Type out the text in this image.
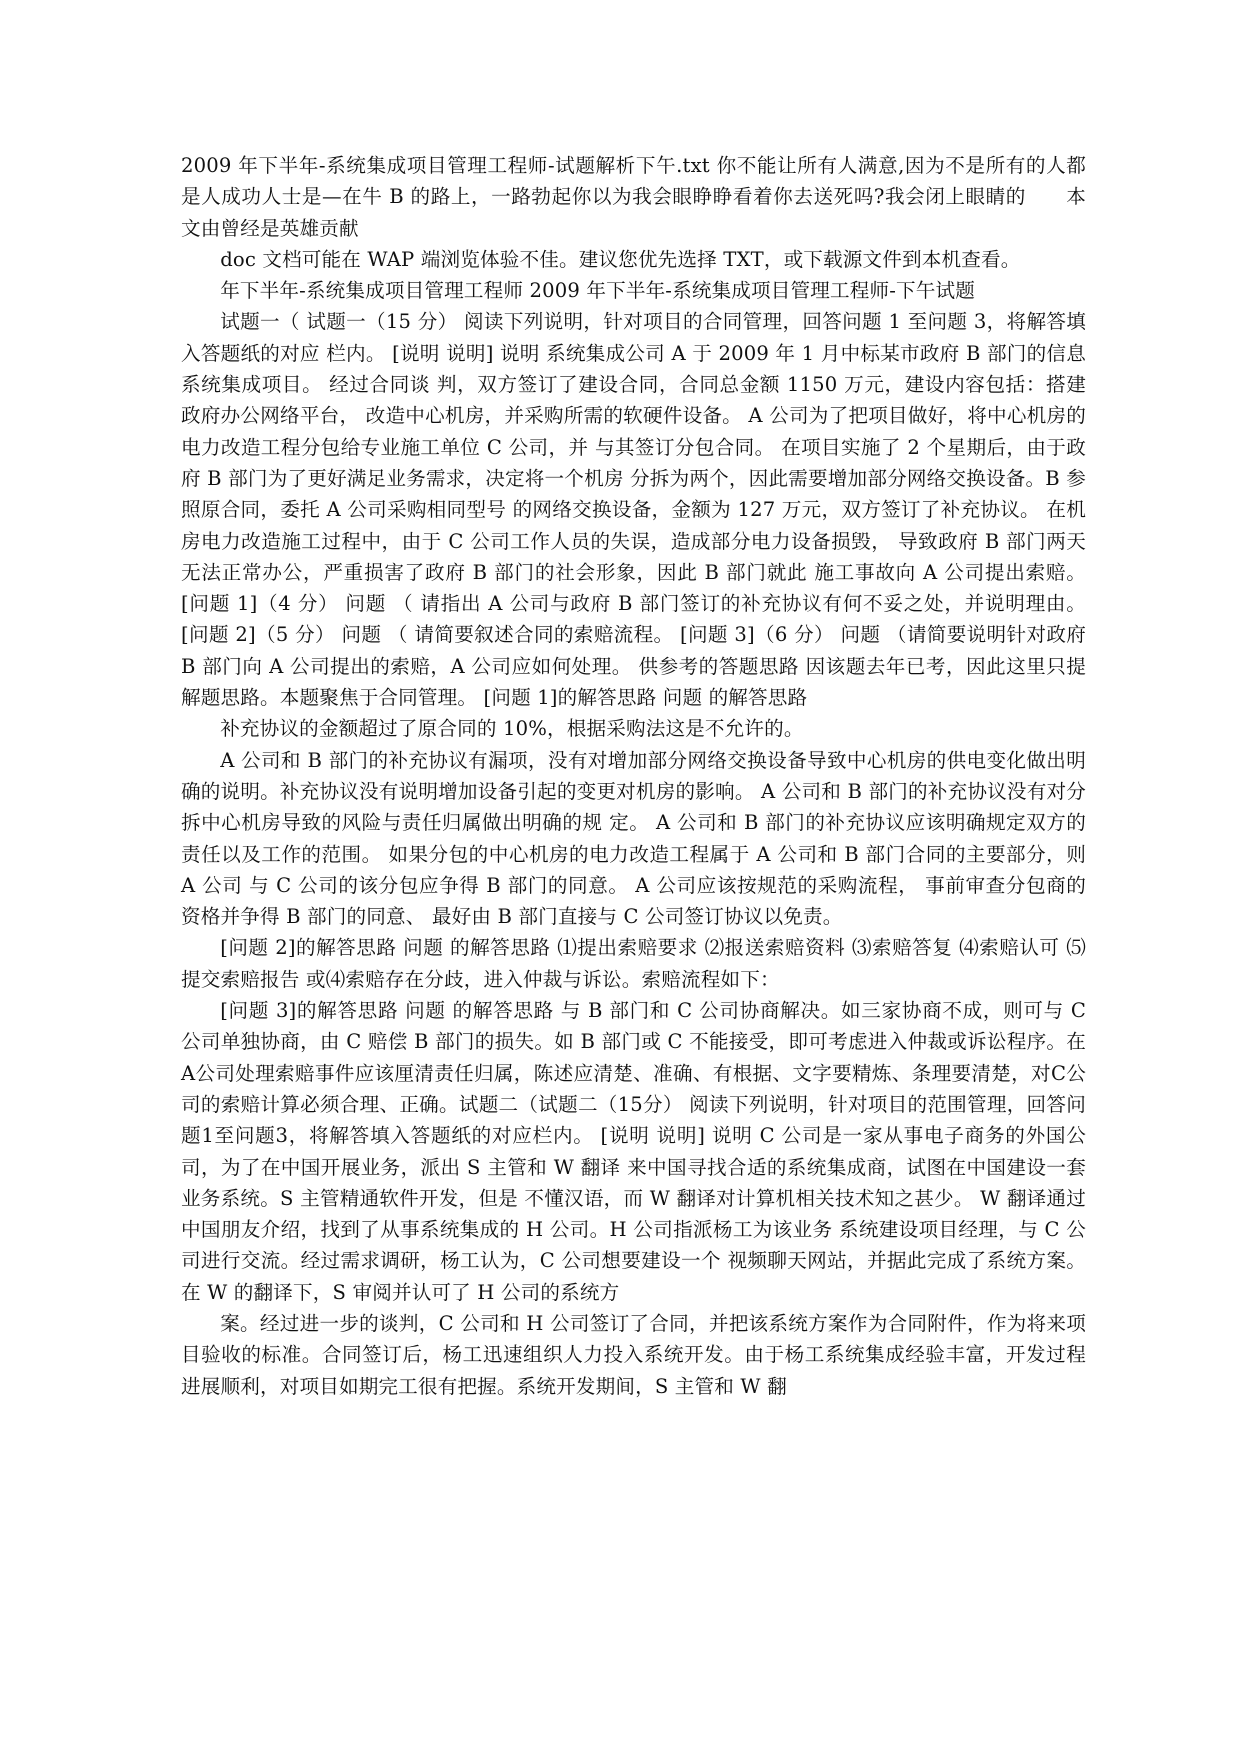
2009 年下半年-系统集成项目管理工程师-试题解析下午.txt 你不能让所有人满意,因为不是所有的人都是人成功人士是—在牛 B 的路上，一路勃起你以为我会眼睁睁看着你去送死吗?我会闭上眼睛的　　本文由曾经是英雄贡献

doc 文档可能在 WAP 端浏览体验不佳。建议您优先选择 TXT，或下载源文件到本机查看。

年下半年-系统集成项目管理工程师 2009 年下半年-系统集成项目管理工程师-下午试题

试题一（ 试题一（15 分） 阅读下列说明，针对项目的合同管理，回答问题 1 至问题 3，将解答填入答题纸的对应 栏内。 [说明 说明] 说明 系统集成公司 A 于 2009 年 1 月中标某市政府 B 部门的信息系统集成项目。 经过合同谈 判，双方签订了建设合同，合同总金额 1150 万元，建设内容包括：搭建政府办公网络平台， 改造中心机房，并采购所需的软硬件设备。 A 公司为了把项目做好，将中心机房的电力改造工程分包给专业施工单位 C 公司，并 与其签订分包合同。 在项目实施了 2 个星期后，由于政府 B 部门为了更好满足业务需求，决定将一个机房 分拆为两个，因此需要增加部分网络交换设备。B 参照原合同，委托 A 公司采购相同型号 的网络交换设备，金额为 127 万元，双方签订了补充协议。 在机房电力改造施工过程中，由于 C 公司工作人员的失误，造成部分电力设备损毁， 导致政府 B 部门两天无法正常办公，严重损害了政府 B 部门的社会形象，因此 B 部门就此 施工事故向 A 公司提出索赔。 [问题 1]（4 分） 问题 （ 请指出 A 公司与政府 B 部门签订的补充协议有何不妥之处，并说明理由。 [问题 2]（5 分） 问题 （ 请简要叙述合同的索赔流程。 [问题 3]（6 分） 问题 （请简要说明针对政府 B 部门向 A 公司提出的索赔，A 公司应如何处理。 供参考的答题思路 因该题去年已考，因此这里只提解题思路。本题聚焦于合同管理。 [问题 1]的解答思路 问题 的解答思路

补充协议的金额超过了原合同的 10%，根据采购法这是不允许的。

A 公司和 B 部门的补充协议有漏项，没有对增加部分网络交换设备导致中心机房的供电变化做出明确的说明。补充协议没有说明增加设备引起的变更对机房的影响。 A 公司和 B 部门的补充协议没有对分拆中心机房导致的风险与责任归属做出明确的规 定。 A 公司和 B 部门的补充协议应该明确规定双方的责任以及工作的范围。 如果分包的中心机房的电力改造工程属于 A 公司和 B 部门合同的主要部分，则 A 公司 与 C 公司的该分包应争得 B 部门的同意。 A 公司应该按规范的采购流程， 事前审查分包商的资格并争得 B 部门的同意、 最好由 B 部门直接与 C 公司签订协议以免责。

[问题 2]的解答思路 问题 的解答思路 ⑴提出索赔要求 ⑵报送索赔资料 ⑶索赔答复 ⑷索赔认可 ⑸提交索赔报告 或⑷索赔存在分歧，进入仲裁与诉讼。索赔流程如下：

[问题 3]的解答思路 问题 的解答思路 与 B 部门和 C 公司协商解决。如三家协商不成，则可与 C 公司单独协商，由 C 赔偿 B 部门的损失。如 B 部门或 C 不能接受，即可考虑进入仲裁或诉讼程序。在A公司处理索赔事件应该厘清责任归属，陈述应清楚、准确、有根据、文字要精炼、条理要清楚，对C公司的索赔计算必须合理、正确。试题二（试题二（15分） 阅读下列说明，针对项目的范围管理，回答问题1至问题3，将解答填入答题纸的对应栏内。 [说明 说明] 说明 C 公司是一家从事电子商务的外国公司，为了在中国开展业务，派出 S 主管和 W 翻译 来中国寻找合适的系统集成商，试图在中国建设一套业务系统。S 主管精通软件开发，但是 不懂汉语，而 W 翻译对计算机相关技术知之甚少。 W 翻译通过中国朋友介绍，找到了从事系统集成的 H 公司。H 公司指派杨工为该业务 系统建设项目经理，与 C 公司进行交流。经过需求调研，杨工认为，C 公司想要建设一个 视频聊天网站，并据此完成了系统方案。在 W 的翻译下，S 审阅并认可了 H 公司的系统方

案。经过进一步的谈判，C 公司和 H 公司签订了合同，并把该系统方案作为合同附件，作为将来项目验收的标准。合同签订后，杨工迅速组织人力投入系统开发。由于杨工系统集成经验丰富，开发过程 进展顺利，对项目如期完工很有把握。系统开发期间，S 主管和 W 翻
